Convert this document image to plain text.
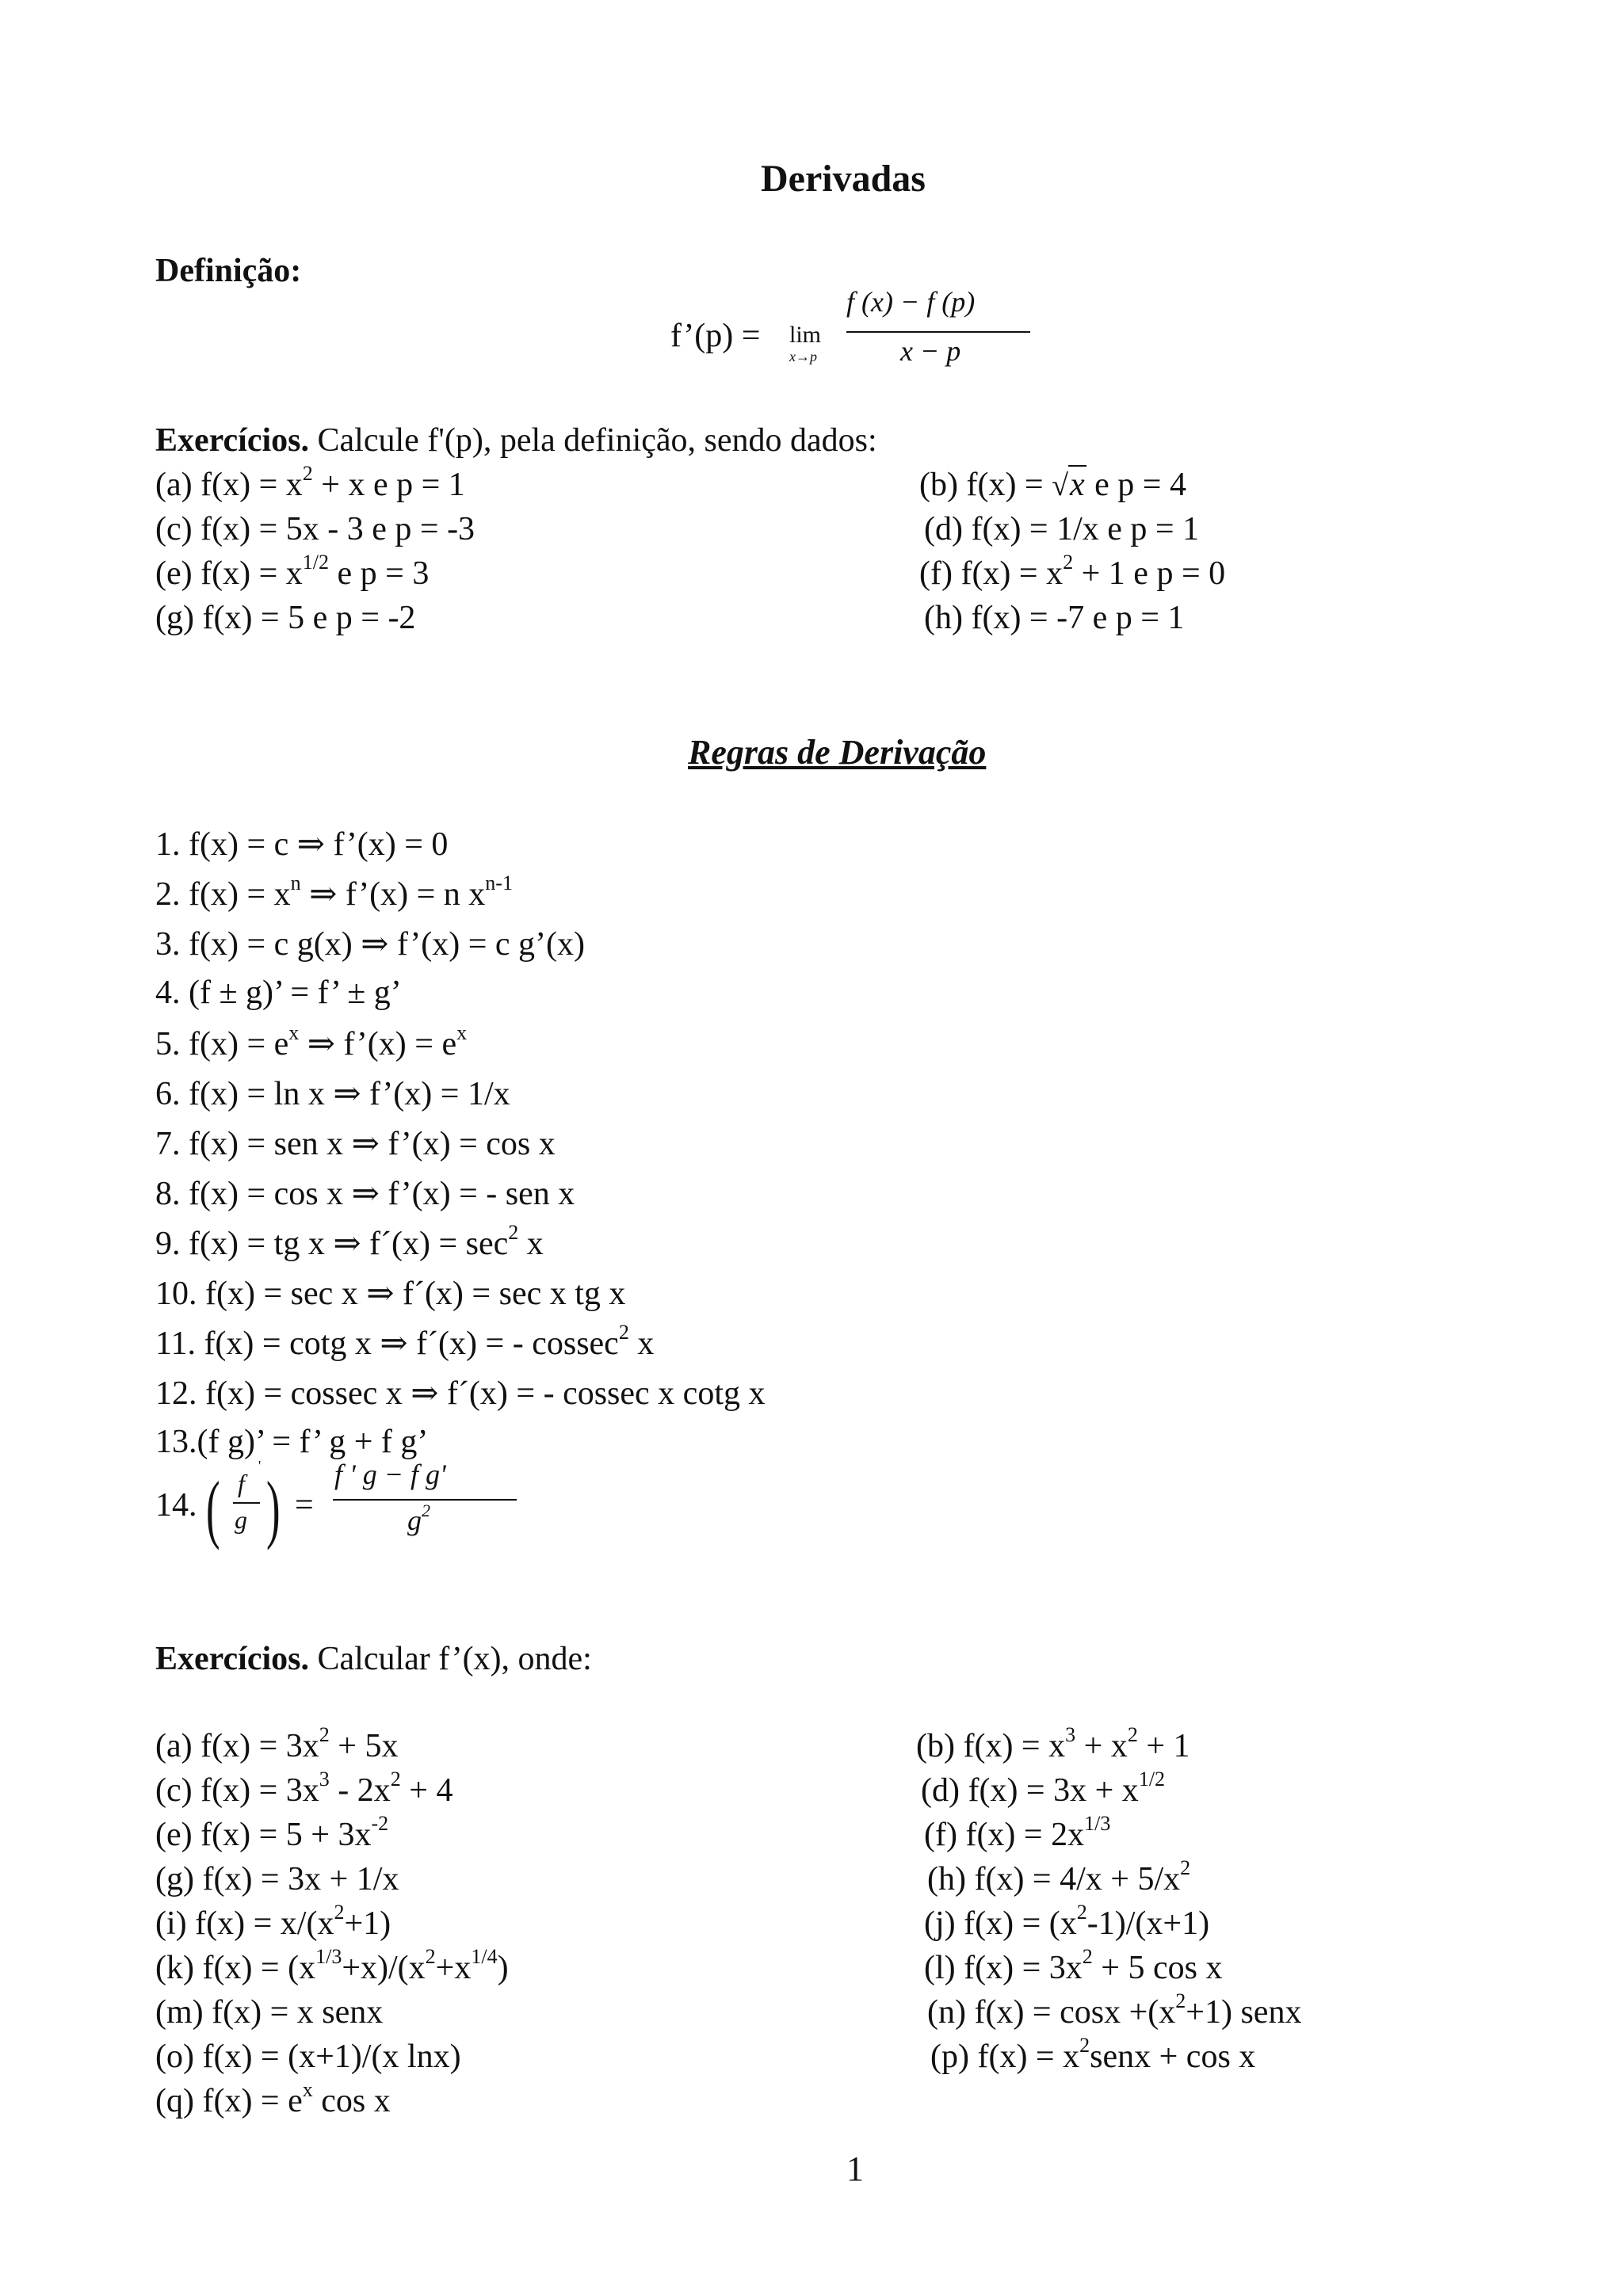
Derivadas
Definição:
f’(p) = lim
x→p
f (x) − f (p)
x − p
Exercícios. Calcule f'(p), pela definição, sendo dados:
(a) $f(x) = x^2 + x$ e p = 1	(b) f(x) = √x e p = 4
(c) f(x) = 5x - 3 e p = -3	(d) f(x) = 1/x e p = 1
(e) $f(x) = x^{1/2}$ e p = 3	(f) $f(x) = x^2 + 1$ e p = 0
(g) f(x) = 5 e p = -2	(h) f(x) = -7 e p = 1
Regras de Derivação
1. f(x) = c ⇒ f’(x) = 0
2. $f(x) = x^n$ ⇒ f’(x) = n $x^{n-1}$
3. f(x) = c g(x) ⇒ f’(x) = c g’(x)
4. (f ± g)’ = f’ ± g’
5. $f(x) = e^x$ ⇒ f’(x) = $e^x$
6. f(x) = ln x ⇒ f’(x) = 1/x
7. f(x) = sen x ⇒ f’(x) = cos x
8. f(x) = cos x ⇒ f’(x) = - sen x
9. f(x) = tg x ⇒ f´(x) = $\sec^2 x$
10. f(x) = sec x ⇒ f´(x) = sec x tg x
11. f(x) = cotg x ⇒ f´(x) = - cossec$^2$ x
12. f(x) = cossec x ⇒ f´(x) = - cossec x cotg x
13.(f g)’ = f’ g + f g’
14. ( f
g )
'
=
f ' g − f g'
$g^2$
Exercícios. Calcular f’(x), onde:
(a) $f(x) = 3x^2 + 5x$	(b) $f(x) = x^3 + x^2 + 1$
(c) $f(x) = 3x^3 - 2x^2 + 4$	(d) $f(x) = 3x + x^{1/2}$
(e) $f(x) = 5 + 3x^{-2}$	(f) $f(x) = 2x^{1/3}$
(g) f(x) = 3x + 1/x	(h) $f(x) = 4/x + 5/x^2$
(i) $f(x) = x/(x^2+1)$	(j) $f(x) = (x^2-1)/(x+1)$
(k) $f(x) = (x^{1/3}+x)/(x^2+x^{1/4})$	(l) $f(x) = 3x^2 + 5$ cos x
(m) f(x) = x senx	(n) $f(x) = \cos x +(x^2+1)$ senx
(o) f(x) = (x+1)/(x lnx)	(p) $f(x) = x^2senx + \cos x$
(q) $f(x) = e^x$ cos x
1
